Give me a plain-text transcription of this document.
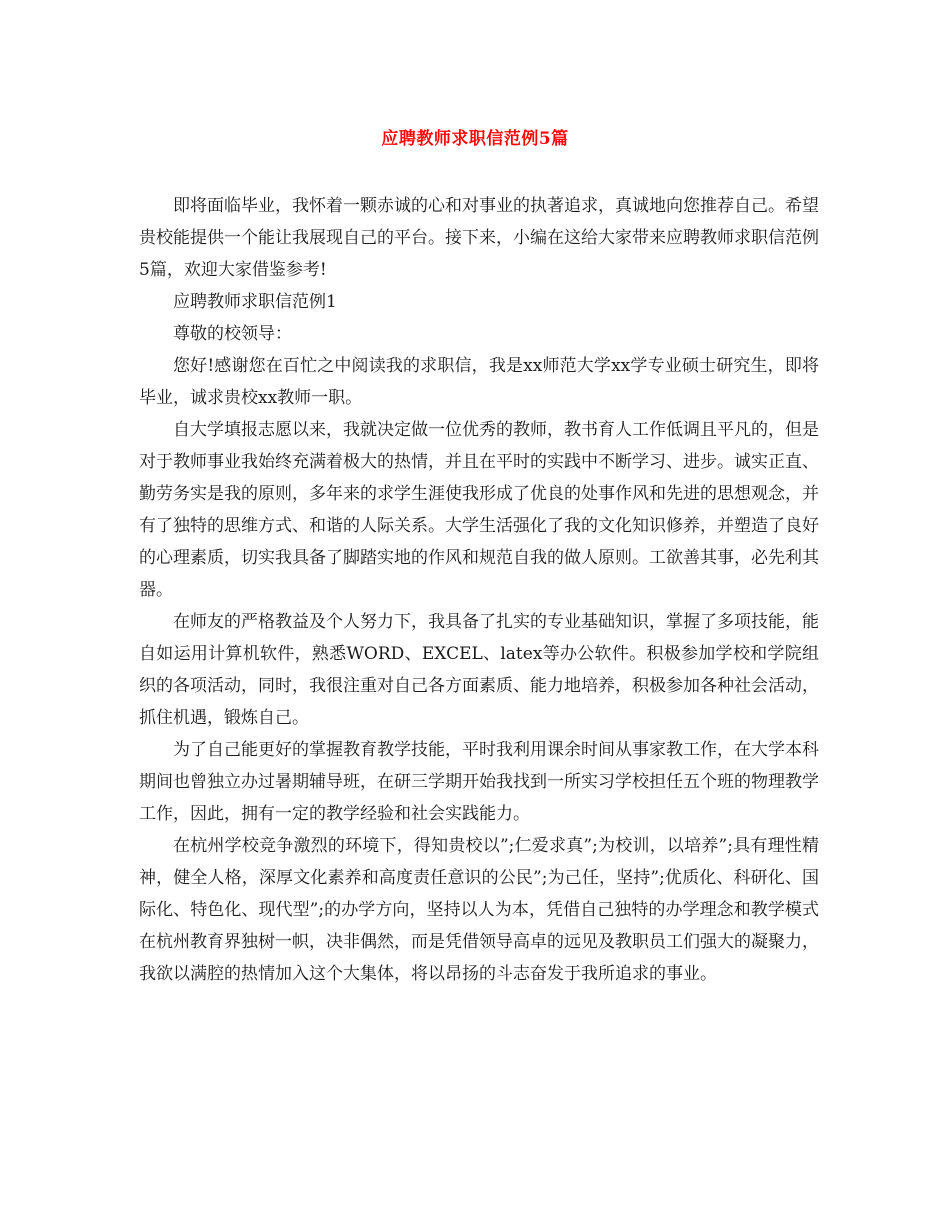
应聘教师求职信范例5篇

即将面临毕业，我怀着一颗赤诚的心和对事业的执著追求，真诚地向您推荐自己。希望贵校能提供一个能让我展现自己的平台。接下来，小编在这给大家带来应聘教师求职信范例5篇，欢迎大家借鉴参考!

应聘教师求职信范例1

尊敬的校领导：

您好!感谢您在百忙之中阅读我的求职信，我是xx师范大学xx学专业硕士研究生，即将毕业，诚求贵校xx教师一职。

自大学填报志愿以来，我就决定做一位优秀的教师，教书育人工作低调且平凡的，但是对于教师事业我始终充满着极大的热情，并且在平时的实践中不断学习、进步。诚实正直、勤劳务实是我的原则，多年来的求学生涯使我形成了优良的处事作风和先进的思想观念，并有了独特的思维方式、和谐的人际关系。大学生活强化了我的文化知识修养，并塑造了良好的心理素质，切实我具备了脚踏实地的作风和规范自我的做人原则。工欲善其事，必先利其器。

在师友的严格教益及个人努力下，我具备了扎实的专业基础知识，掌握了多项技能，能自如运用计算机软件，熟悉WORD、EXCEL、latex等办公软件。积极参加学校和学院组织的各项活动，同时，我很注重对自己各方面素质、能力地培养，积极参加各种社会活动，抓住机遇，锻炼自己。

为了自己能更好的掌握教育教学技能，平时我利用课余时间从事家教工作，在大学本科期间也曾独立办过暑期辅导班，在研三学期开始我找到一所实习学校担任五个班的物理教学工作，因此，拥有一定的教学经验和社会实践能力。

在杭州学校竞争激烈的环境下，得知贵校以”;仁爱求真”;为校训，以培养”;具有理性精神，健全人格，深厚文化素养和高度责任意识的公民”;为己任，坚持”;优质化、科研化、国际化、特色化、现代型”;的办学方向，坚持以人为本，凭借自己独特的办学理念和教学模式在杭州教育界独树一帜，决非偶然，而是凭借领导高卓的远见及教职员工们强大的凝聚力，我欲以满腔的热情加入这个大集体，将以昂扬的斗志奋发于我所追求的事业。
